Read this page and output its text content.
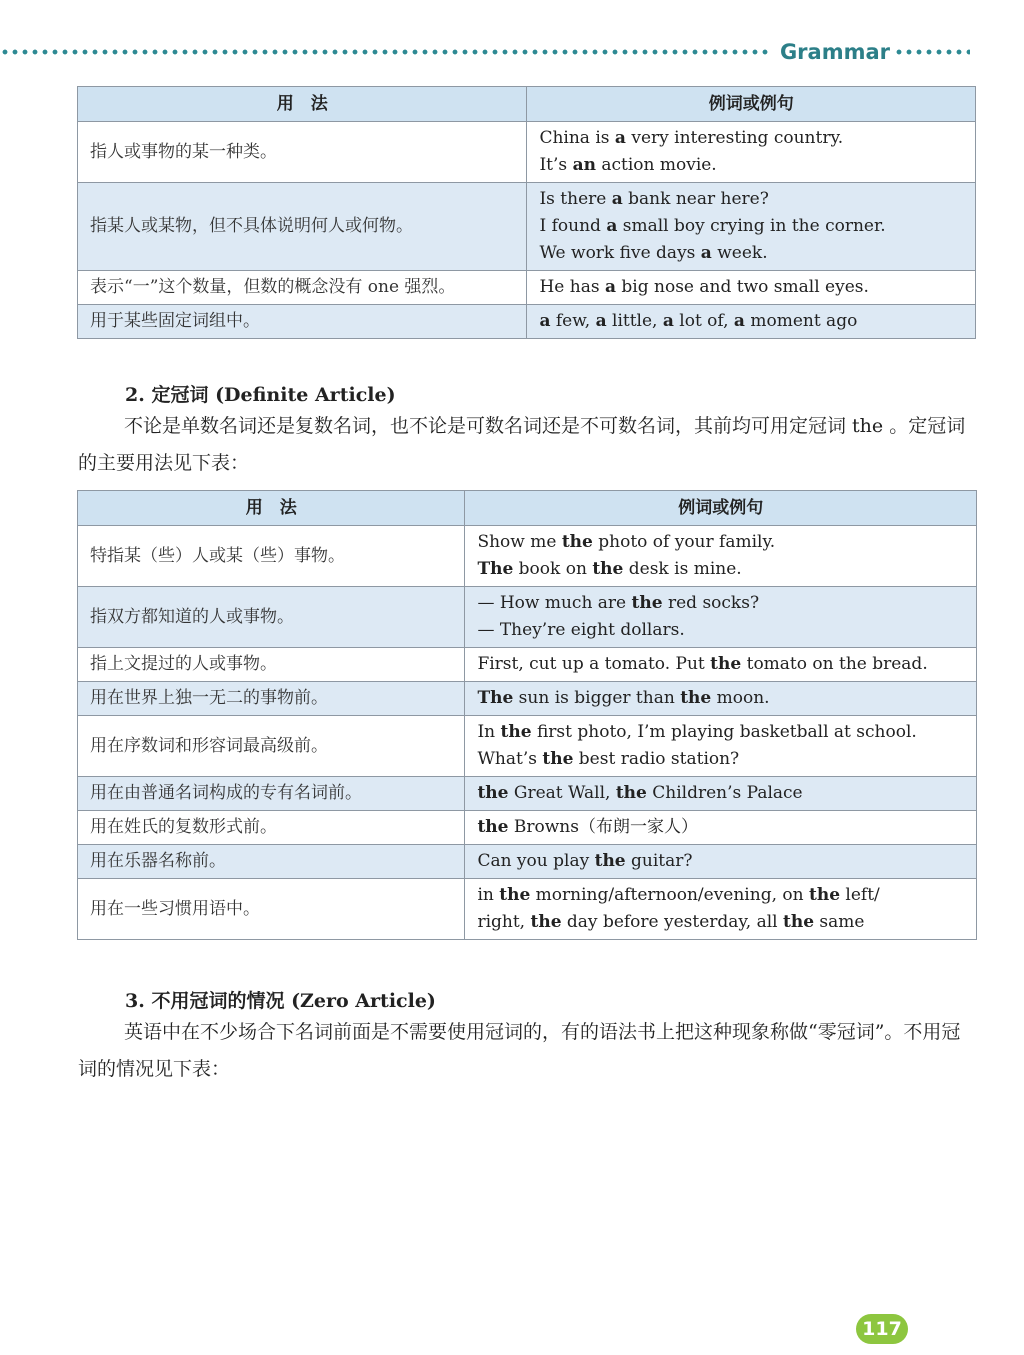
Grammar
用　法	例词或例句
指人或事物的某一种类。	China is a very interesting country.
It’s an action movie.

指某人或某物，但不具体说明何人或何物。	Is there a bank near here?
I found a small boy crying in the corner.
We work five days a week.

表示“一”这个数量，但数的概念没有 one 强烈。	He has a big nose and two small eyes.

用于某些固定词组中。	a few, a little, a lot of, a moment ago
2. 定冠词 (Definite Article)

不论是单数名词还是复数名词，也不论是可数名词还是不可数名词，其前均可用定冠词 the 。定冠词的主要用法见下表：

用　法	例词或例句
特指某（些）人或某（些）事物。	Show me the photo of your family.
The book on the desk is mine.

指双方都知道的人或事物。	— How much are the red socks?
— They’re eight dollars.

指上文提过的人或事物。	First, cut up a tomato. Put the tomato on the bread.

用在世界上独一无二的事物前。	The sun is bigger than the moon.

用在序数词和形容词最高级前。	In the first photo, I’m playing basketball at school.
What’s the best radio station?

用在由普通名词构成的专有名词前。	the Great Wall, the Children’s Palace

用在姓氏的复数形式前。	the Browns（布朗一家人）

用在乐器名称前。	Can you play the guitar?

用在一些习惯用语中。	in the morning/afternoon/evening, on the left/
right, the day before yesterday, all the same
3. 不用冠词的情况 (Zero Article)

英语中在不少场合下名词前面是不需要使用冠词的，有的语法书上把这种现象称做“零冠词”。不用冠词的情况见下表：

117
